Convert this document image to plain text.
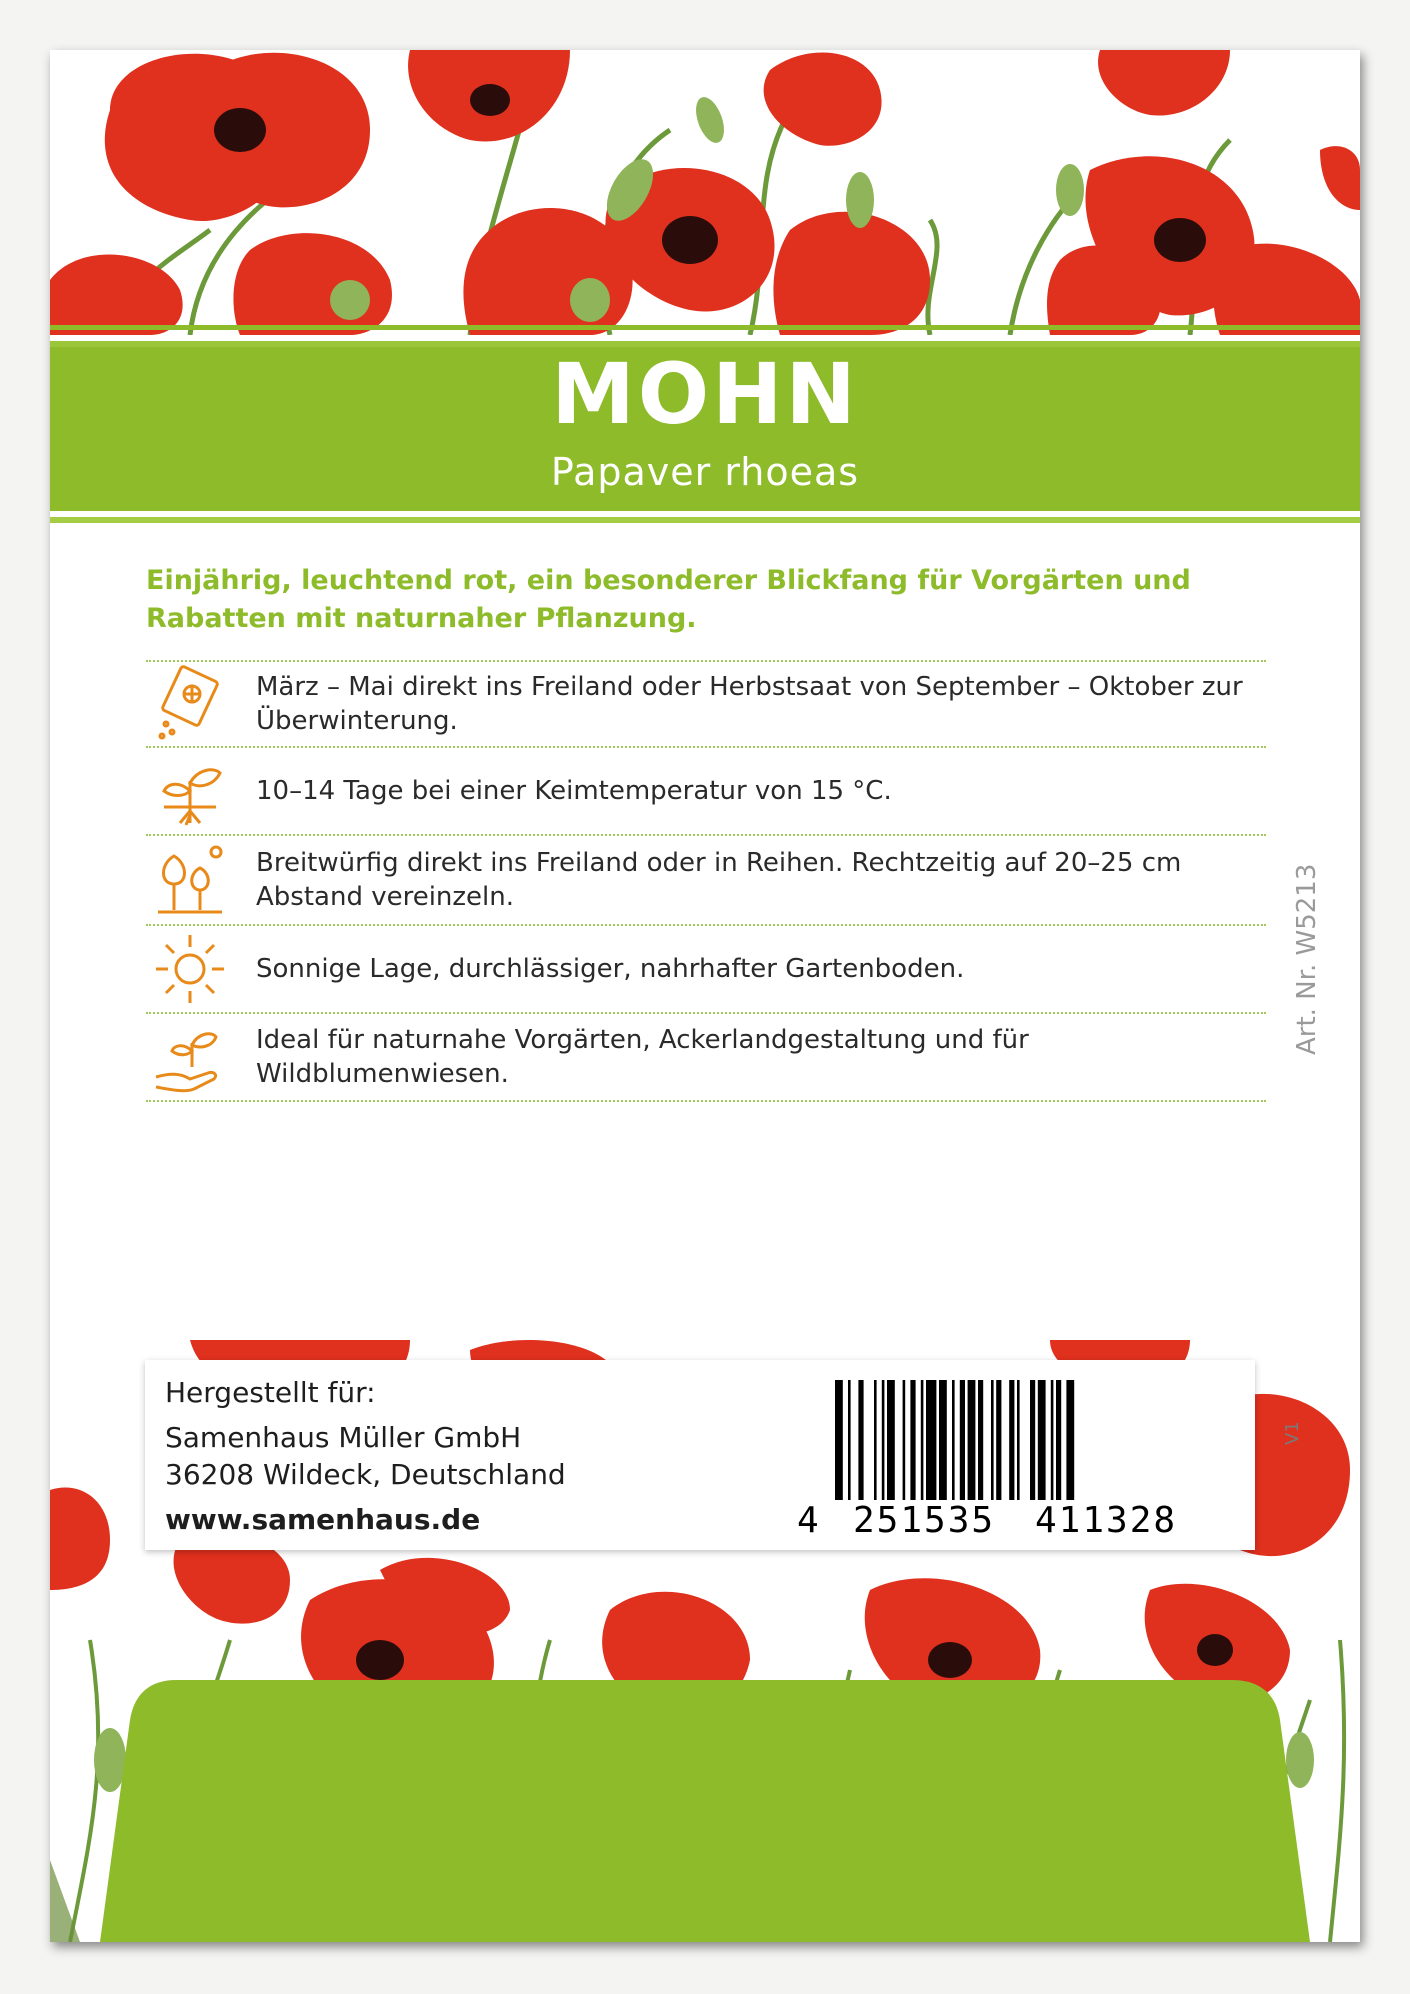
MOHN
Papaver rhoeas
Einjährig, leuchtend rot, ein besonderer Blickfang für Vorgärten und Rabatten mit naturnaher Pflanzung.
März – Mai direkt ins Freiland oder Herbstsaat von September – Oktober zur Überwinterung.
10–14 Tage bei einer Keimtemperatur von 15 °C.
Breitwürfig direkt ins Freiland oder in Reihen. Rechtzeitig auf 20–25 cm Abstand vereinzeln.
Sonnige Lage, durchlässiger, nahrhafter Gartenboden.
Ideal für naturnahe Vorgärten, Ackerlandgestaltung und für Wildblumenwiesen.
Art. Nr. W5213
Hergestellt für:
Samenhaus Müller GmbH
36208 Wildeck, Deutschland
www.samenhaus.de	4 251535 411328
V1
